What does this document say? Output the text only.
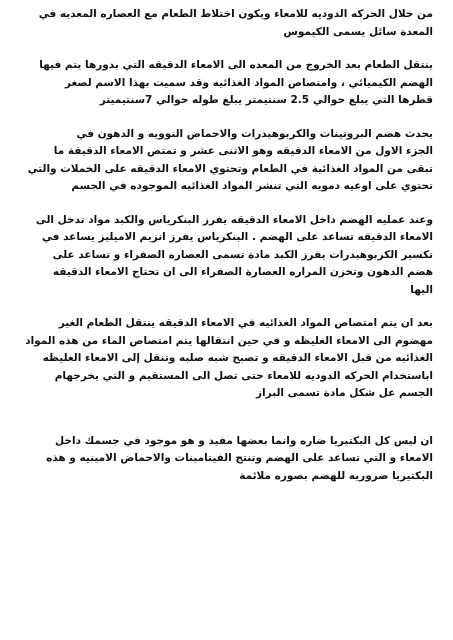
من خلال الحركه الدوديه للامعاء ويكون اختلاط الطعام مع العصاره المعديه في
المعدة سائل يسمى الكيموس

ينتقل الطعام بعد الخروج من المعده الى الامعاء الدقيقه التي بدورها يتم فيها
الهضم الكيميائي ، وامتصاص المواد الغذائيه وقد سميت بهذا الاسم لصغر
قطرها التي يبلغ حوالي 2.5 سنتيمتر يبلغ طوله حوالي 7سنتيميتر

يحدث هضم البروتينات والكربوهيدرات والاحماض النوويه و الدهون في
الجزء الاول من الامعاء الدقيقه وهو الاثنى عشر و تمتص الامعاء الدقيقة ما
تبقى من المواد الغذائية في الطعام وتحتوي الامعاء الدقيقه على الخملات والتي
تحتوي على اوعيه دمويه التي تنشر المواد الغذائيه الموجوده في الجسم

وعند عمليه الهضم داخل الامعاء الدقيقه يفرز البنكرياس والكبد مواد تدخل الى
الامعاء الدقيقه تساعد على الهضم . البنكرياس يفرز انزيم الاميليز يساعد في
تكسير الكربوهيدرات يفرز الكبد مادة تسمى العصاره الصفراء و تساعد على
هضم الدهون وتخزن المراره العصارة الصفراء الى ان تحتاج الامعاء الدقيقه
اليها

بعد ان يتم امتصاص المواد الغذائيه في الامعاء الدقيقه ينتقل الطعام الغير
مهضوم الى الامعاء الغليظه و في حين انتقالها يتم امتصاص الماء من هذه المواد
الغذائيه من قبل الامعاء الدقيقه و تصبح شبه صلبه وتنقل إلى الامعاء الغليظه
اباستخدام الحركه الدوديه للامعاء حتى تصل الى المستقيم و التي يخرجهام
الجسم عل شكل مادة تسمى البراز

ان ليس كل البكتيريا ضاره وانما بعضها مفيد و هو موجود في جسمك داخل
الامعاء و التي تساعد على الهضم وتنتج الفيتامينات والاحماض الامينيه و هذه
البكتيريا ضروريه للهضم بصوره ملائمة
